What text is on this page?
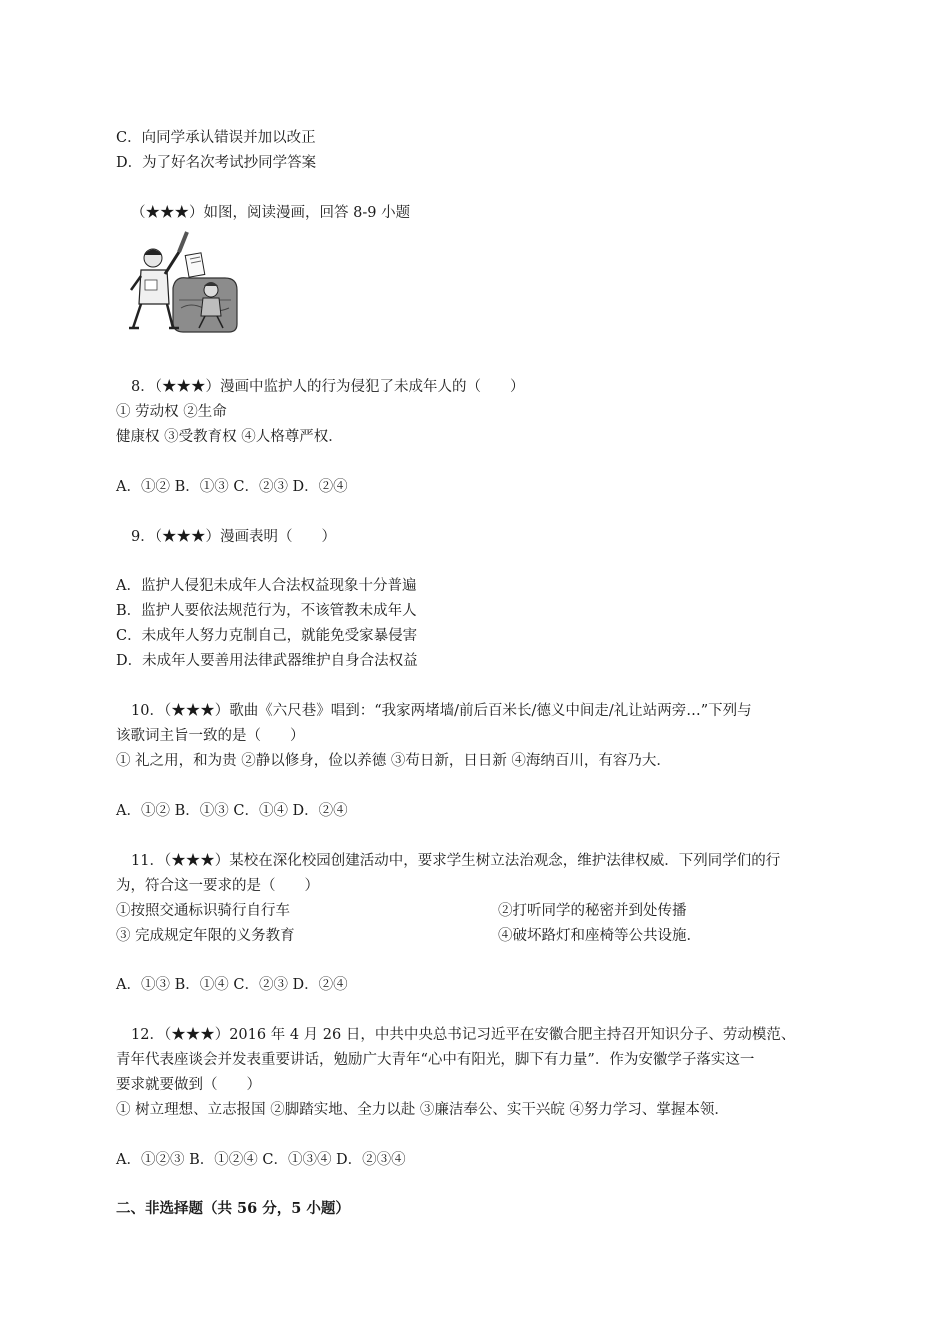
C．向同学承认错误并加以改正
D．为了好名次考试抄同学答案
（★★★）如图，阅读漫画，回答 8-9 小题
8．（★★★）漫画中监护人的行为侵犯了未成年人的（　　）
① 劳动权 ②生命
健康权 ③受教育权 ④人格尊严权．
A．①② B．①③ C．②③ D．②④
9．（★★★）漫画表明（　　）
A．监护人侵犯未成年人合法权益现象十分普遍
B．监护人要依法规范行为，不该管教未成年人
C．未成年人努力克制自己，就能免受家暴侵害
D．未成年人要善用法律武器维护自身合法权益
10．（★★★）歌曲《六尺巷》唱到：“我家两堵墙/前后百米长/德义中间走/礼让站两旁…”下列与
该歌词主旨一致的是（　　）
① 礼之用，和为贵 ②静以修身，俭以养德 ③苟日新，日日新 ④海纳百川，有容乃大．
A．①② B．①③ C．①④ D．②④
11．（★★★）某校在深化校园创建活动中，要求学生树立法治观念，维护法律权威．下列同学们的行
为，符合这一要求的是（　　）
①按照交通标识骑行自行车	②打听同学的秘密并到处传播
③ 完成规定年限的义务教育	④破坏路灯和座椅等公共设施．
A．①③ B．①④ C．②③ D．②④
12．（★★★）2016 年 4 月 26 日，中共中央总书记习近平在安徽合肥主持召开知识分子、劳动模范、
青年代表座谈会并发表重要讲话，勉励广大青年“心中有阳光，脚下有力量”．作为安徽学子落实这一
要求就要做到（　　）
① 树立理想、立志报国 ②脚踏实地、全力以赴 ③廉洁奉公、实干兴皖 ④努力学习、掌握本领．
A．①②③ B．①②④ C．①③④ D．②③④
二、非选择题（共 56 分，5 小题）
